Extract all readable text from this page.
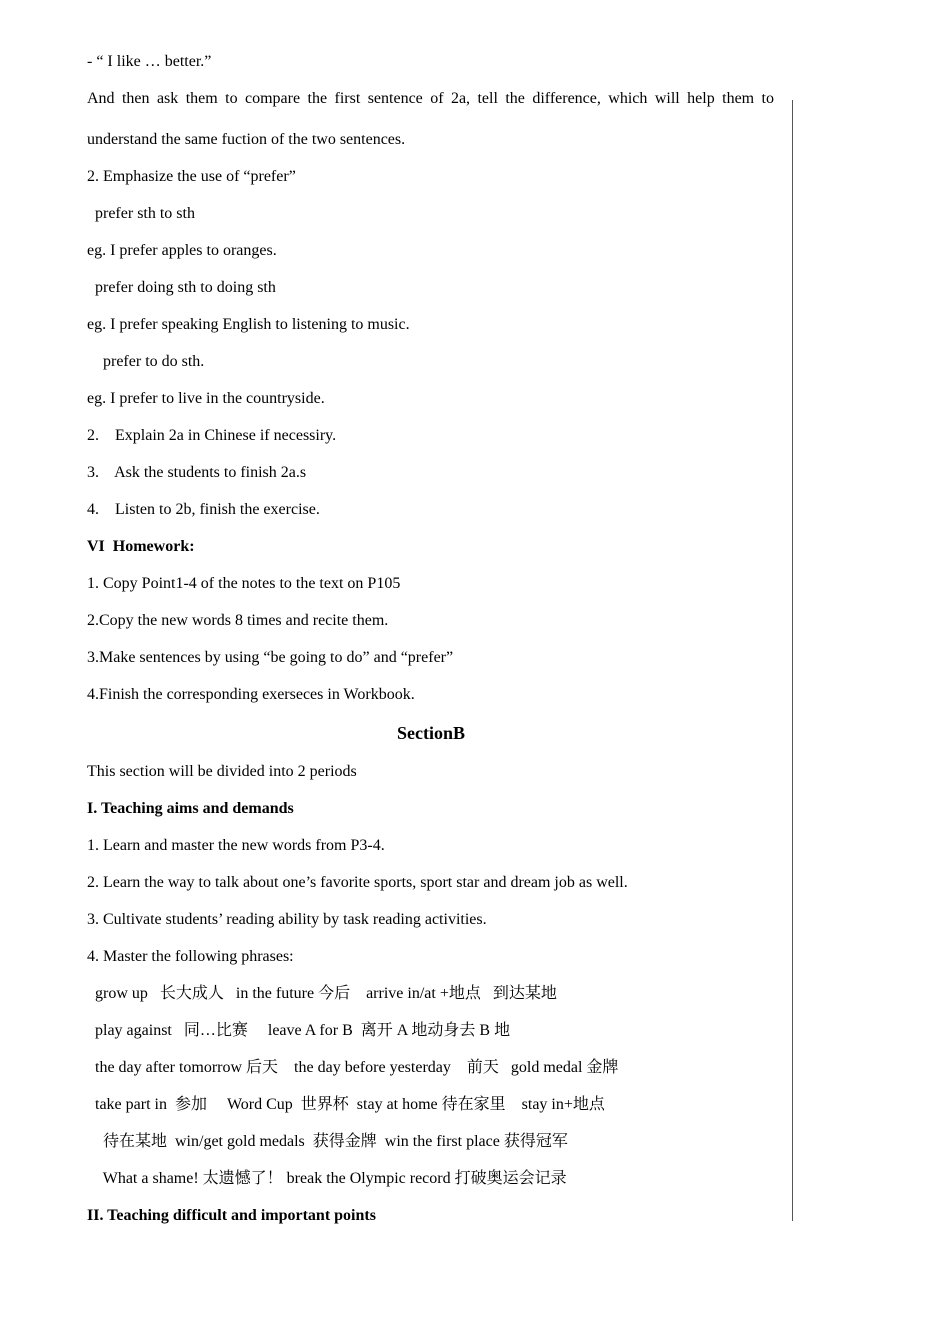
- “ I like … better.”
And then ask them to compare the first sentence of 2a, tell the difference, which will help them to
understand the same fuction of the two sentences.
2. Emphasize the use of “prefer”
prefer sth to sth
eg. I prefer apples to oranges.
prefer doing sth to doing sth
eg. I prefer speaking English to listening to music.
prefer to do sth.
eg. I prefer to live in the countryside.
2.    Explain 2a in Chinese if necessiry.
3.    Ask the students to finish 2a.s
4.    Listen to 2b, finish the exercise.
VI  Homework:
1. Copy Point1-4 of the notes to the text on P105
2.Copy the new words 8 times and recite them.
3.Make sentences by using “be going to do” and “prefer”
4.Finish the corresponding exerseces in Workbook.
SectionB
This section will be divided into 2 periods
I. Teaching aims and demands
1. Learn and master the new words from P3-4.
2. Learn the way to talk about one’s favorite sports, sport star and dream job as well.
3. Cultivate students’ reading ability by task reading activities.
4. Master the following phrases:
grow up   长大成人   in the future 今后    arrive in/at +地点   到达某地
play against   同…比赛     leave A for B  离开 A 地动身去 B 地
the day after tomorrow 后天    the day before yesterday    前天   gold medal 金牌
take part in  参加     Word Cup  世界杯  stay at home 待在家里    stay in+地点
待在某地  win/get gold medals  获得金牌  win the first place 获得冠军
What a shame! 太遗憾了！ break the Olympic record 打破奥运会记录
II. Teaching difficult and important points
